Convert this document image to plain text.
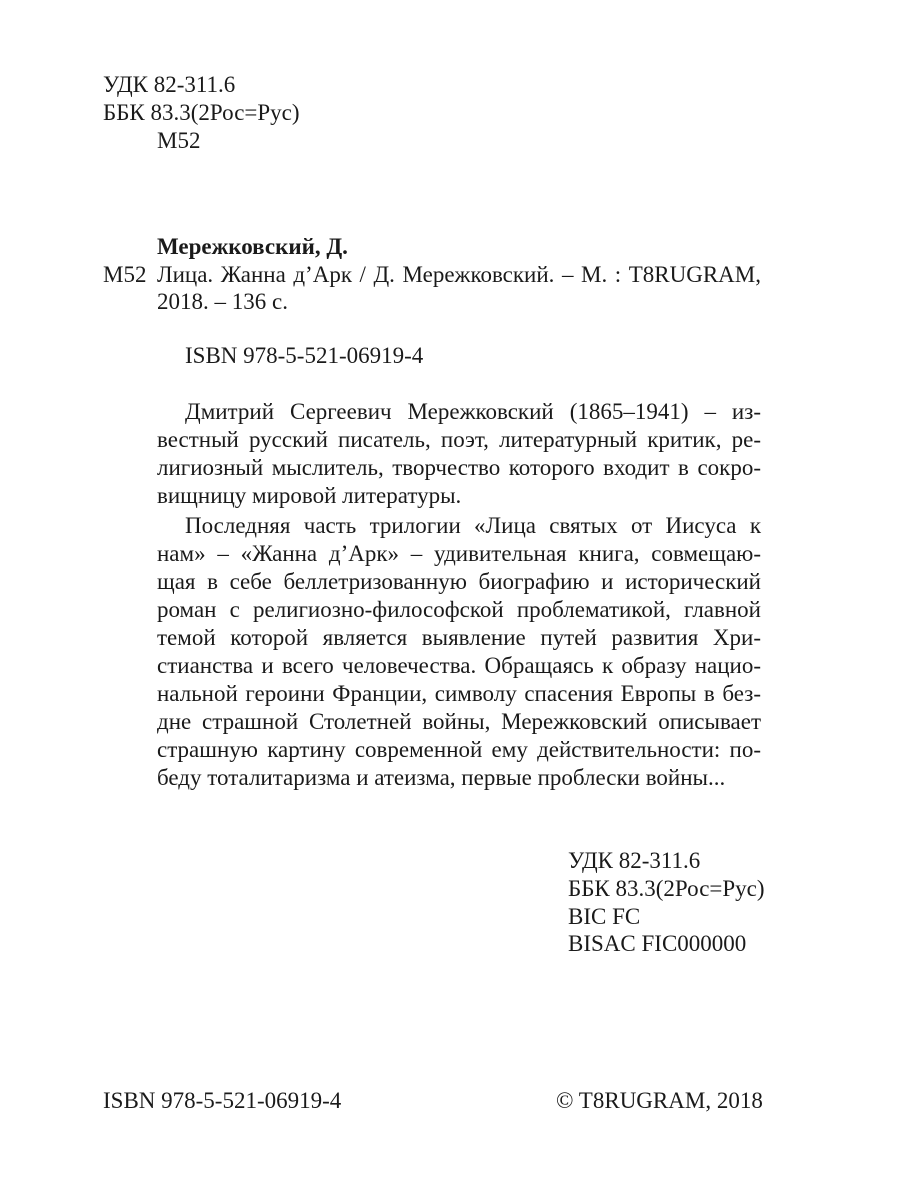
УДК 82-311.6
ББК 83.3(2Рос=Рус)
М52
Мережковский, Д.
М52 Лица. Жанна д’Арк / Д. Мережковский. – М. : T8RUGRAM,
2018. – 136 с.
ISBN 978-5-521-06919-4
Дмитрий Сергеевич Мережковский (1865–1941) – из-
вестный русский писатель, поэт, литературный критик, ре-
лигиозный мыслитель, творчество которого входит в сокро-
вищницу мировой литературы.
Последняя часть трилогии «Лица святых от Иисуса к
нам» – «Жанна д’Арк» – удивительная книга, совмещаю-
щая в себе беллетризованную биографию и исторический
роман с религиозно-философской проблематикой, главной
темой которой является выявление путей развития Хри-
стианства и всего человечества. Обращаясь к образу нацио-
нальной героини Франции, символу спасения Европы в без-
дне страшной Столетней войны, Мережковский описывает
страшную картину современной ему действительности: по-
беду тоталитаризма и атеизма, первые проблески войны...
УДК 82-311.6
ББК 83.3(2Рос=Рус)
BIC FC
BISAC FIC000000
ISBN 978-5-521-06919-4	© T8RUGRAM, 2018
